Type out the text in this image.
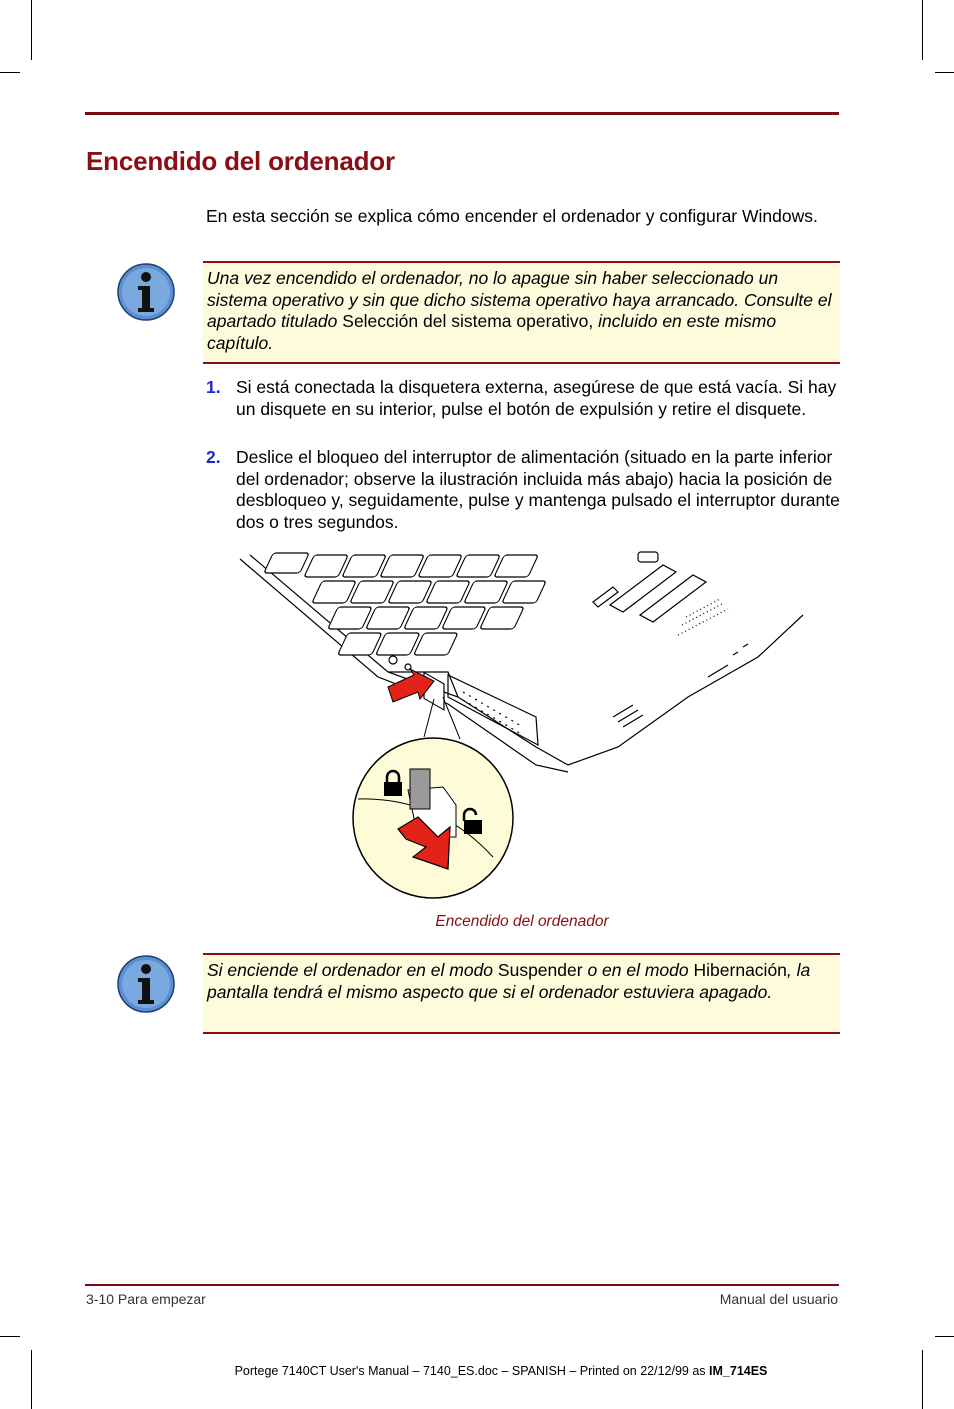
Encendido del ordenador

En esta sección se explica cómo encender el ordenador y configurar Windows.

Una vez encendido el ordenador, no lo apague sin haber seleccionado un sistema operativo y sin que dicho sistema operativo haya arrancado. Consulte el apartado titulado Selección del sistema operativo, incluido en este mismo capítulo.
1. Si está conectada la disquetera externa, asegúrese de que está vacía. Si hay un disquete en su interior, pulse el botón de expulsión y retire el disquete.
2. Deslice el bloqueo del interruptor de alimentación (situado en la parte inferior del ordenador; observe la ilustración incluida más abajo) hacia la posición de desbloqueo y, seguidamente, pulse y mantenga pulsado el interruptor durante dos o tres segundos.
Encendido del ordenador
Si enciende el ordenador en el modo Suspender o en el modo Hibernación, la pantalla tendrá el mismo aspecto que si el ordenador estuviera apagado.
3-10 Para empezar	Manual del usuario
Portege 7140CT User's Manual – 7140_ES.doc – SPANISH – Printed on 22/12/99 as IM_714ES
